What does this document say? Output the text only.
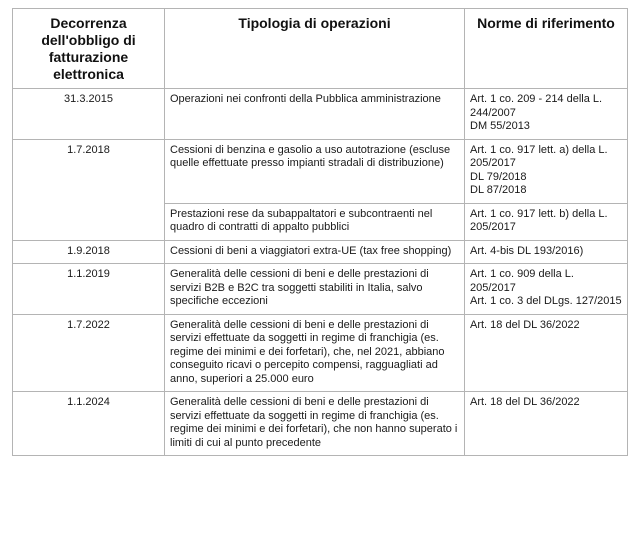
Decorrenza dell'obbligo di fatturazione elettronica	Tipologia di operazioni	Norme di riferimento
31.3.2015	Operazioni nei confronti della Pubblica amministrazione	Art. 1 co. 209 - 214 della L. 244/2007
DM 55/2013

1.7.2018	Cessioni di benzina e gasolio a uso autotrazione (escluse quelle effettuate presso impianti stradali di distribuzione)	Art. 1 co. 917 lett. a) della L. 205/2017
DL 79/2018
DL 87/2018

	Prestazioni rese da subappaltatori e subcontraenti nel quadro di contratti di appalto pubblici	Art. 1 co. 917 lett. b) della L. 205/2017

1.9.2018	Cessioni di beni a viaggiatori extra-UE (tax free shopping)	Art. 4-bis DL 193/2016)

1.1.2019	Generalità delle cessioni di beni e delle prestazioni di servizi B2B e B2C tra soggetti stabiliti in Italia, salvo specifiche eccezioni	Art. 1 co. 909 della L. 205/2017
Art. 1 co. 3 del DLgs. 127/2015

1.7.2022	Generalità delle cessioni di beni e delle prestazioni di servizi effettuate da soggetti in regime di franchigia (es. regime dei minimi e dei forfetari), che, nel 2021, abbiano conseguito ricavi o percepito compensi, ragguagliati ad anno, superiori a 25.000 euro	Art. 18 del DL 36/2022

1.1.2024	Generalità delle cessioni di beni e delle prestazioni di servizi effettuate da soggetti in regime di franchigia (es. regime dei minimi e dei forfetari), che non hanno superato i limiti di cui al punto precedente	Art. 18 del DL 36/2022
